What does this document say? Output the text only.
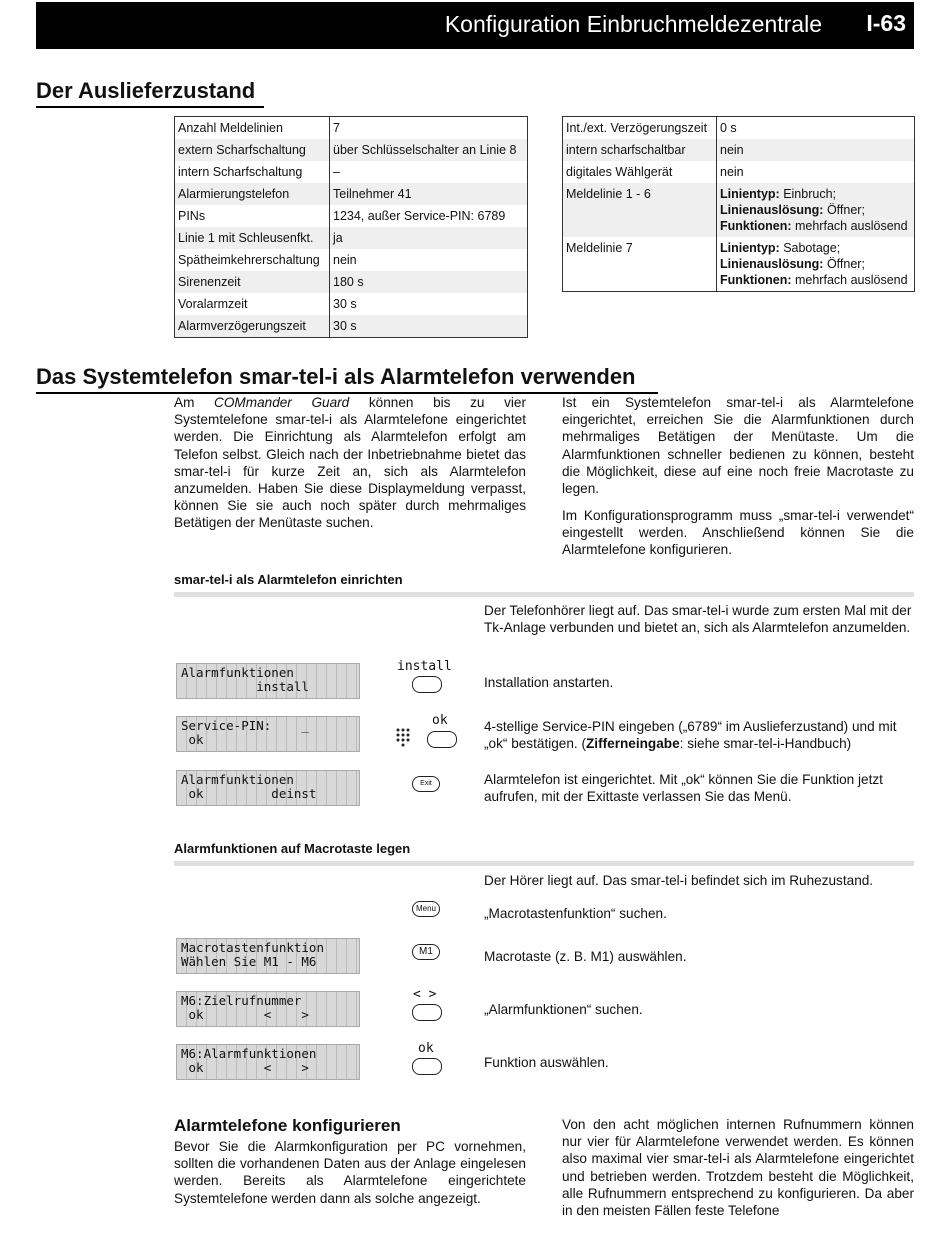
Konfiguration Einbruchmeldezentrale I-63
Der Auslieferzustand
Anzahl Meldelinien	7
extern Scharfschaltung	über Schlüsselschalter an Linie 8
intern Scharfschaltung	–
Alarmierungstelefon	Teilnehmer 41
PINs	1234, außer Service-PIN: 6789
Linie 1 mit Schleusenfkt.	ja
Spätheimkehrerschaltung	nein
Sirenenzeit	180 s
Voralarmzeit	30 s
Alarmverzögerungszeit	30 s
Int./ext. Verzögerungszeit	0 s
intern scharfschaltbar	nein
digitales Wählgerät	nein
Meldelinie 1 - 6	Linientyp: Einbruch;
Linienauslösung: Öffner;
Funktionen: mehrfach auslösend
Meldelinie 7	Linientyp: Sabotage;
Linienauslösung: Öffner;
Funktionen: mehrfach auslösend
Das Systemtelefon smar-tel-i als Alarmtelefon verwenden

Am COMmander Guard können bis zu vier Systemtelefone smar-tel-i als Alarmtelefone eingerichtet werden. Die Einrichtung als Alarmtelefon erfolgt am Telefon selbst. Gleich nach der Inbetriebnahme bietet das smar-tel-i für kurze Zeit an, sich als Alarmtelefon anzumelden. Haben Sie diese Displaymeldung verpasst, können Sie sie auch noch später durch mehrmaliges Betätigen der Menütaste suchen.

Ist ein Systemtelefon smar-tel-i als Alarmtelefone eingerichtet, erreichen Sie die Alarmfunktionen durch mehrmaliges Betätigen der Menütaste. Um die Alarmfunktionen schneller bedienen zu können, besteht die Möglichkeit, diese auf eine noch freie Macrotaste zu legen.

Im Konfigurationsprogramm muss „smar-tel-i verwendet“ eingestellt werden. Anschließend können Sie die Alarmtelefone konfigurieren.

smar-tel-i als Alarmtelefon einrichten

Der Telefonhörer liegt auf. Das smar-tel-i wurde zum ersten Mal mit der Tk-Anlage verbunden und bietet an, sich als Alarmtelefon anzumelden.

Alarmfunktionen
install
install

Installation anstarten.

Service-PIN:    _
ok
ok	4-stellige Service-PIN eingeben („6789“ im Auslieferzustand) und mit „ok“ bestätigen. (Zifferneingabe: siehe smar-tel-i-Handbuch)

Alarmfunktionen
ok         deinst
Exit	Alarmtelefon ist eingerichtet. Mit „ok“ können Sie die Funktion jetzt aufrufen, mit der Exittaste verlassen Sie das Menü.

Alarmfunktionen auf Macrotaste legen

Der Hörer liegt auf. Das smar-tel-i befindet sich im Ruhezustand.

Menu	„Macrotastenfunktion“ suchen.

Macrotastenfunktion
Wählen Sie M1 - M6
M1	Macrotaste (z. B. M1) auswählen.

M6:Zielrufnummer
ok        <    >
< >

„Alarmfunktionen“ suchen.

M6:Alarmfunktionen
ok        <    >
ok

Funktion auswählen.

Alarmtelefone konfigurieren

Bevor Sie die Alarmkonfiguration per PC vornehmen, sollten die vorhandenen Daten aus der Anlage eingelesen werden. Bereits als Alarmtelefone eingerichtete Systemtelefone werden dann als solche angezeigt.

Von den acht möglichen internen Rufnummern können nur vier für Alarmtelefone verwendet werden. Es können also maximal vier smar-tel-i als Alarmtelefone eingerichtet und betrieben werden. Trotzdem besteht die Möglichkeit, alle Rufnummern entsprechend zu konfigurieren. Da aber in den meisten Fällen feste Telefone
